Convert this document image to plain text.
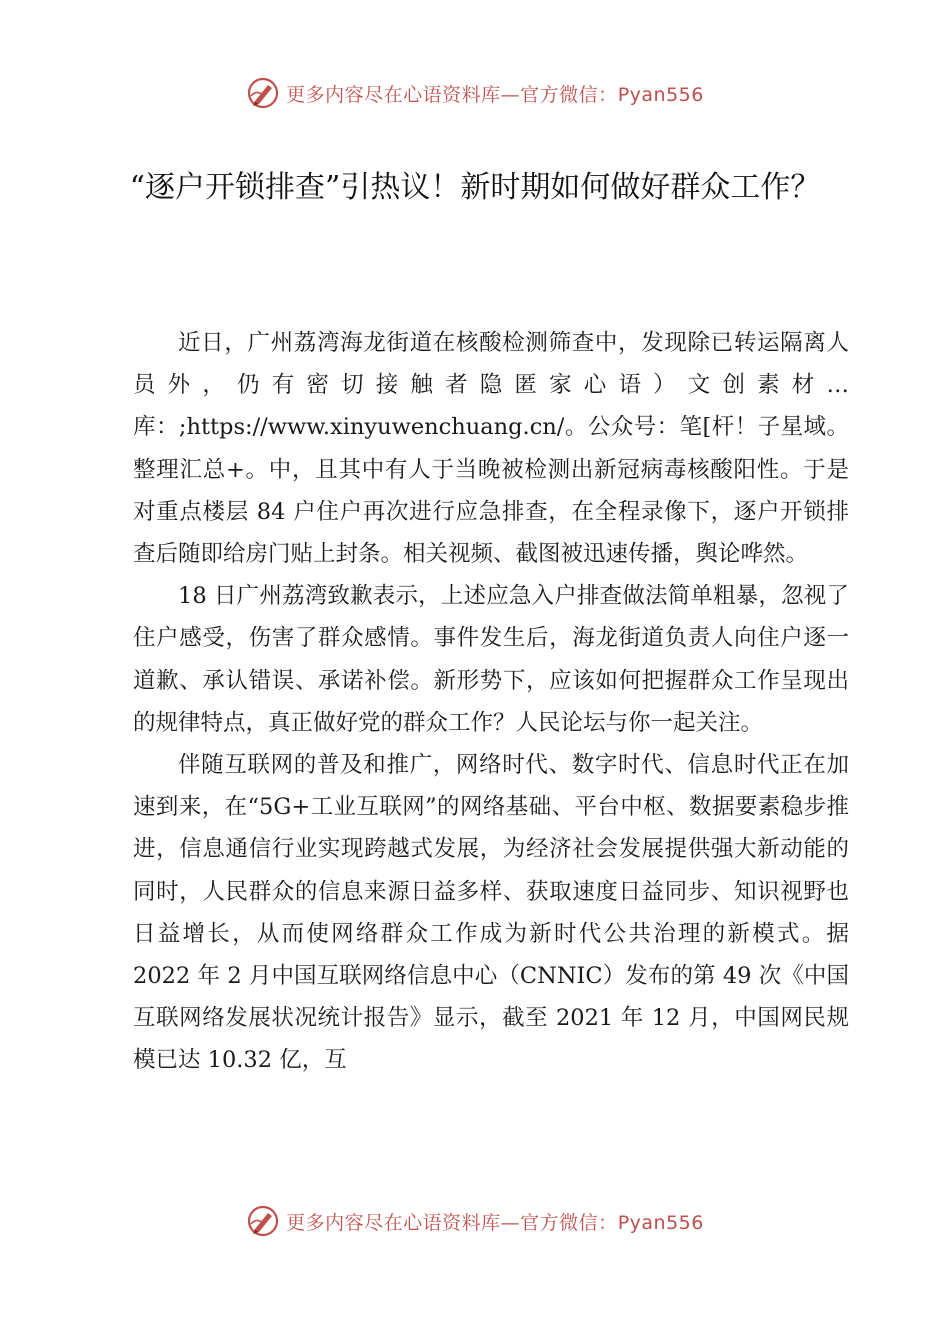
更多内容尽在心语资料库—官方微信：Pyan556
“逐户开锁排查”引热议！新时期如何做好群众工作？

近日，广州荔湾海龙街道在核酸检测筛查中，发现除已转运隔离人员外，仍有密切接触者隐匿家心语）文创素材…库：;https://www.xinyuwenchuang.cn/。公众号：笔[杆！子星域。整理汇总+。中，且其中有人于当晚被检测出新冠病毒核酸阳性。于是对重点楼层 84 户住户再次进行应急排查，在全程录像下，逐户开锁排查后随即给房门贴上封条。相关视频、截图被迅速传播，舆论哗然。

18 日广州荔湾致歉表示，上述应急入户排查做法简单粗暴，忽视了住户感受，伤害了群众感情。事件发生后，海龙街道负责人向住户逐一道歉、承认错误、承诺补偿。新形势下，应该如何把握群众工作呈现出的规律特点，真正做好党的群众工作？人民论坛与你一起关注。

伴随互联网的普及和推广，网络时代、数字时代、信息时代正在加速到来，在“5G+工业互联网”的网络基础、平台中枢、数据要素稳步推进，信息通信行业实现跨越式发展，为经济社会发展提供强大新动能的同时，人民群众的信息来源日益多样、获取速度日益同步、知识视野也日益增长，从而使网络群众工作成为新时代公共治理的新模式。据 2022 年 2 月中国互联网络信息中心（CNNIC）发布的第 49 次《中国互联网络发展状况统计报告》显示，截至 2021 年 12 月，中国网民规模已达 10.32 亿，互

更多内容尽在心语资料库—官方微信：Pyan556
